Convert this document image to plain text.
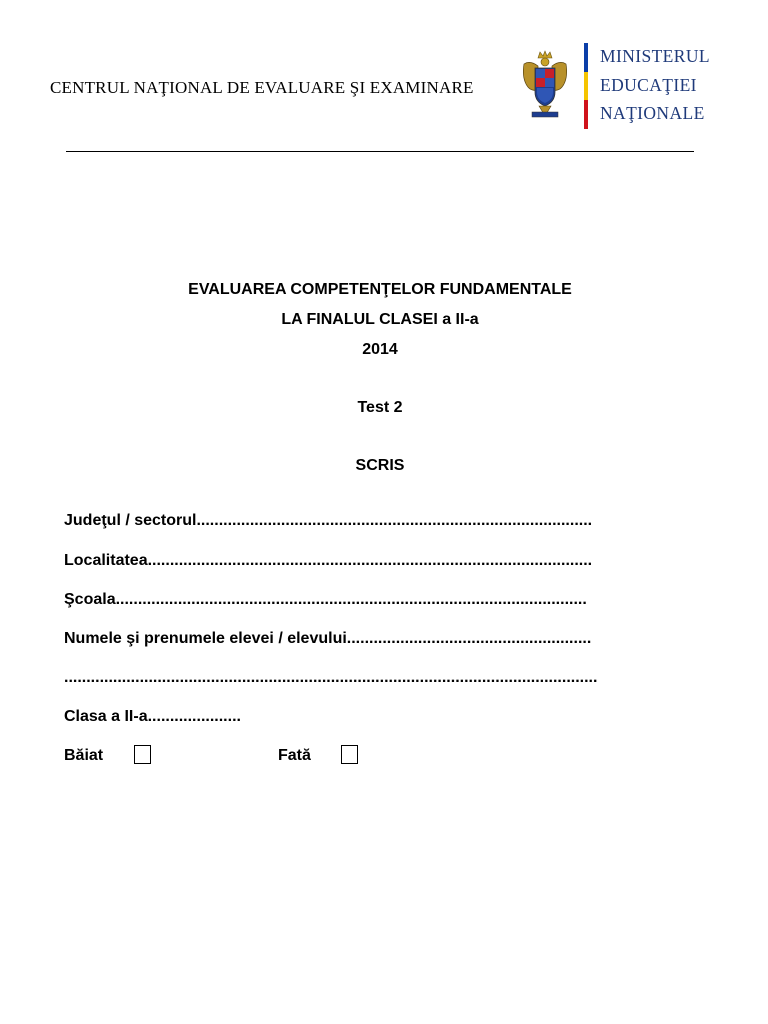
CENTRUL NAŢIONAL DE EVALUARE ŞI EXAMINARE
MINISTERUL
EDUCAŢIEI
NAŢIONALE
EVALUAREA COMPETENŢELOR FUNDAMENTALE
LA FINALUL CLASEI a II-a
2014
Test 2
SCRIS
Judeţul / sectorul.........................................................................................
Localitatea....................................................................................................
Şcoala..........................................................................................................
Numele şi prenumele elevei / elevului.......................................................
........................................................................................................................
Clasa a II-a.....................
Băiat	Fată
